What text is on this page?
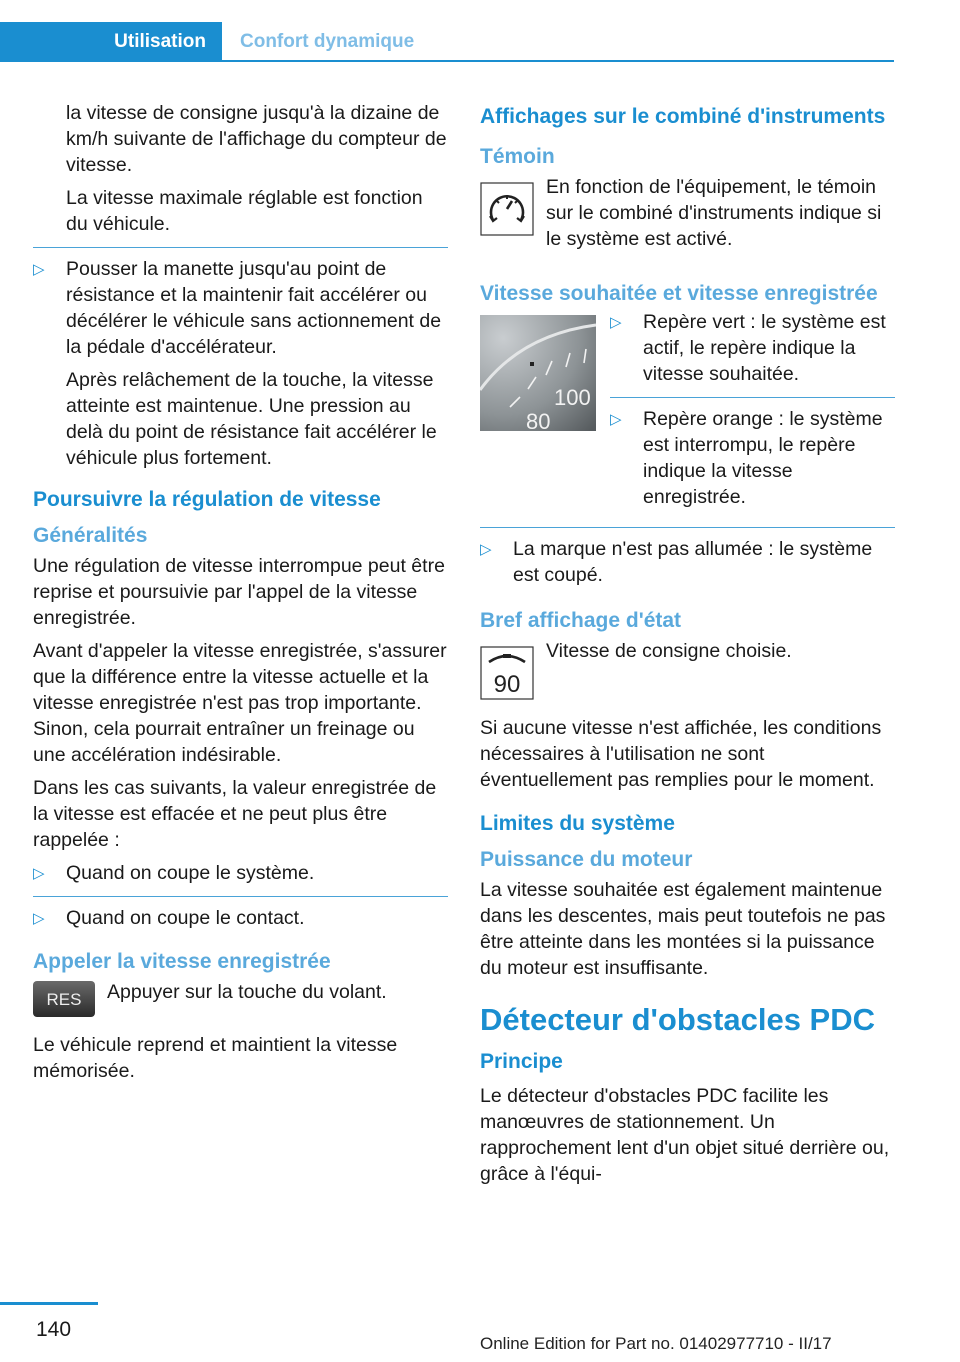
Utilisation	Confort dynamique

la vitesse de consigne jusqu'à la dizaine de km/h suivante de l'affichage du compteur de vitesse.

La vitesse maximale réglable est fonction du véhicule.

▷ Pousser la manette jusqu'au point de résistance et la maintenir fait accélérer ou décélérer le véhicule sans actionnement de la pédale d'accélérateur.

Après relâchement de la touche, la vitesse atteinte est maintenue. Une pression au delà du point de résistance fait accélérer le véhicule plus fortement.

Poursuivre la régulation de vitesse
Généralités

Une régulation de vitesse interrompue peut être reprise et poursuivie par l'appel de la vitesse enregistrée.

Avant d'appeler la vitesse enregistrée, s'assurer que la différence entre la vitesse actuelle et la vitesse enregistrée n'est pas trop importante. Sinon, cela pourrait entraîner un freinage ou une accélération indésirable.

Dans les cas suivants, la valeur enregistrée de la vitesse est effacée et ne peut plus être rappelée :

▷ Quand on coupe le système.

▷ Quand on coupe le contact.

Appeler la vitesse enregistrée
RES Appuyer sur la touche du volant.

Le véhicule reprend et maintient la vitesse mémorisée.

Affichages sur le combiné d'instruments
Témoin

En fonction de l'équipement, le témoin sur le combiné d'instruments indique si le système est activé.

Vitesse souhaitée et vitesse enregistrée
100
80
▷ Repère vert : le système est actif, le repère indique la vitesse souhaitée.

▷ Repère orange : le système est interrompu, le repère indique la vitesse enregistrée.

▷ La marque n'est pas allumée : le système est coupé.

Bref affichage d'état
90

Vitesse de consigne choisie.

Si aucune vitesse n'est affichée, les conditions nécessaires à l'utilisation ne sont éventuellement pas remplies pour le moment.

Limites du système
Puissance du moteur

La vitesse souhaitée est également maintenue dans les descentes, mais peut toutefois ne pas être atteinte dans les montées si la puissance du moteur est insuffisante.

Détecteur d'obstacles PDC
Principe

Le détecteur d'obstacles PDC facilite les manœuvres de stationnement. Un rapprochement lent d'un objet situé derrière ou, grâce à l'équi-

140
Online Edition for Part no. 01402977710 - II/17
